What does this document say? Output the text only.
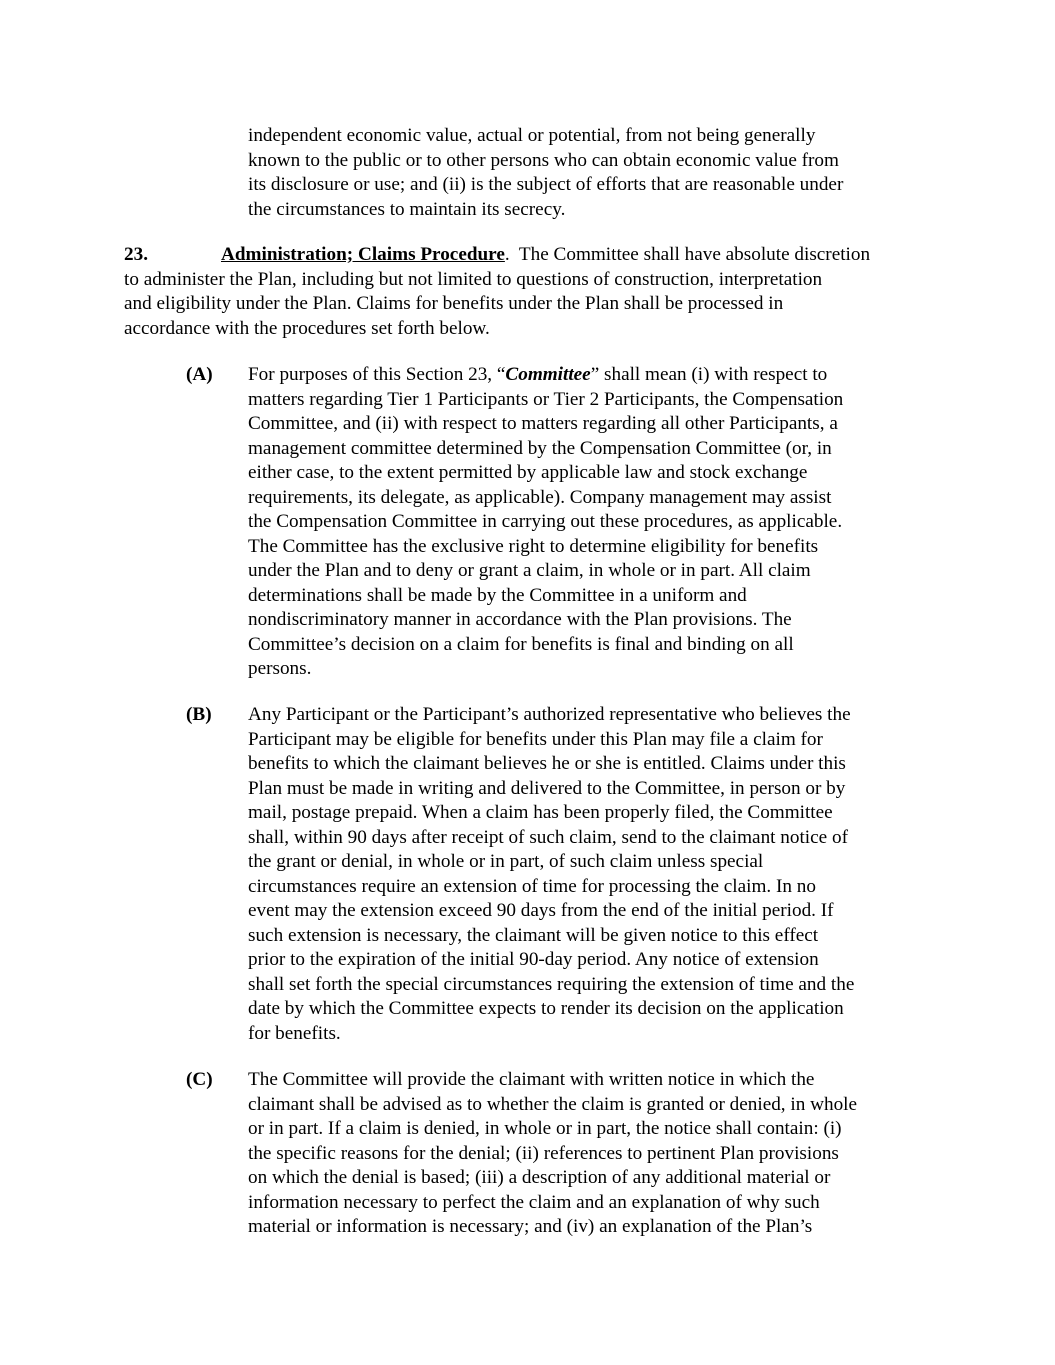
independent economic value, actual or potential, from not being generally
known to the public or to other persons who can obtain economic value from
its disclosure or use; and (ii) is the subject of efforts that are reasonable under
the circumstances to maintain its secrecy.
23.	Administration; Claims Procedure.  The Committee shall have absolute discretion
to administer the Plan, including but not limited to questions of construction, interpretation
and eligibility under the Plan. Claims for benefits under the Plan shall be processed in
accordance with the procedures set forth below.
(A) For purposes of this Section 23, “Committee” shall mean (i) with respect to
matters regarding Tier 1 Participants or Tier 2 Participants, the Compensation
Committee, and (ii) with respect to matters regarding all other Participants, a
management committee determined by the Compensation Committee (or, in
either case, to the extent permitted by applicable law and stock exchange
requirements, its delegate, as applicable). Company management may assist
the Compensation Committee in carrying out these procedures, as applicable.
The Committee has the exclusive right to determine eligibility for benefits
under the Plan and to deny or grant a claim, in whole or in part. All claim
determinations shall be made by the Committee in a uniform and
nondiscriminatory manner in accordance with the Plan provisions. The
Committee’s decision on a claim for benefits is final and binding on all
persons.
(B) Any Participant or the Participant’s authorized representative who believes the
Participant may be eligible for benefits under this Plan may file a claim for
benefits to which the claimant believes he or she is entitled. Claims under this
Plan must be made in writing and delivered to the Committee, in person or by
mail, postage prepaid. When a claim has been properly filed, the Committee
shall, within 90 days after receipt of such claim, send to the claimant notice of
the grant or denial, in whole or in part, of such claim unless special
circumstances require an extension of time for processing the claim. In no
event may the extension exceed 90 days from the end of the initial period. If
such extension is necessary, the claimant will be given notice to this effect
prior to the expiration of the initial 90-day period. Any notice of extension
shall set forth the special circumstances requiring the extension of time and the
date by which the Committee expects to render its decision on the application
for benefits.
(C) The Committee will provide the claimant with written notice in which the
claimant shall be advised as to whether the claim is granted or denied, in whole
or in part. If a claim is denied, in whole or in part, the notice shall contain: (i)
the specific reasons for the denial; (ii) references to pertinent Plan provisions
on which the denial is based; (iii) a description of any additional material or
information necessary to perfect the claim and an explanation of why such
material or information is necessary; and (iv) an explanation of the Plan’s
